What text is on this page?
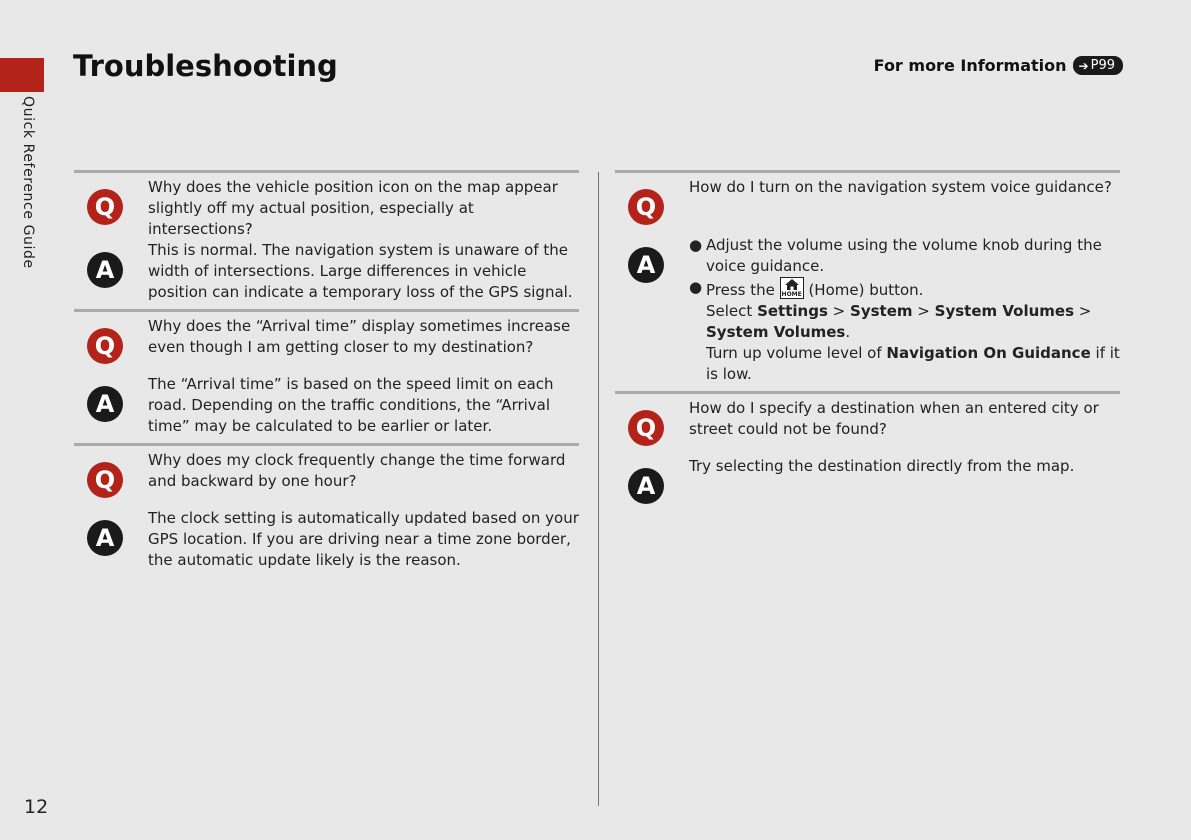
Quick Reference Guide
Troubleshooting	For more Information ➔ P99
Q
Why does the vehicle position icon on the map appear slightly off my actual position, especially at intersections?
A
This is normal. The navigation system is unaware of the width of intersections. Large differences in vehicle position can indicate a temporary loss of the GPS signal.
Q
Why does the “Arrival time” display sometimes increase even though I am getting closer to my destination?
A
The “Arrival time” is based on the speed limit on each road. Depending on the traffic conditions, the “Arrival time” may be calculated to be earlier or later.
Q
Why does my clock frequently change the time forward and backward by one hour?
A
The clock setting is automatically updated based on your GPS location. If you are driving near a time zone border, the automatic update likely is the reason.
Q
How do I turn on the navigation system voice guidance?
A
● Adjust the volume using the volume knob during the voice guidance.
● Press the HOME (Home) button.
Select Settings > System > System Volumes >
System Volumes.
Turn up volume level of Navigation On Guidance if it is low.
Q
How do I specify a destination when an entered city or street could not be found?
A
Try selecting the destination directly from the map.
12
